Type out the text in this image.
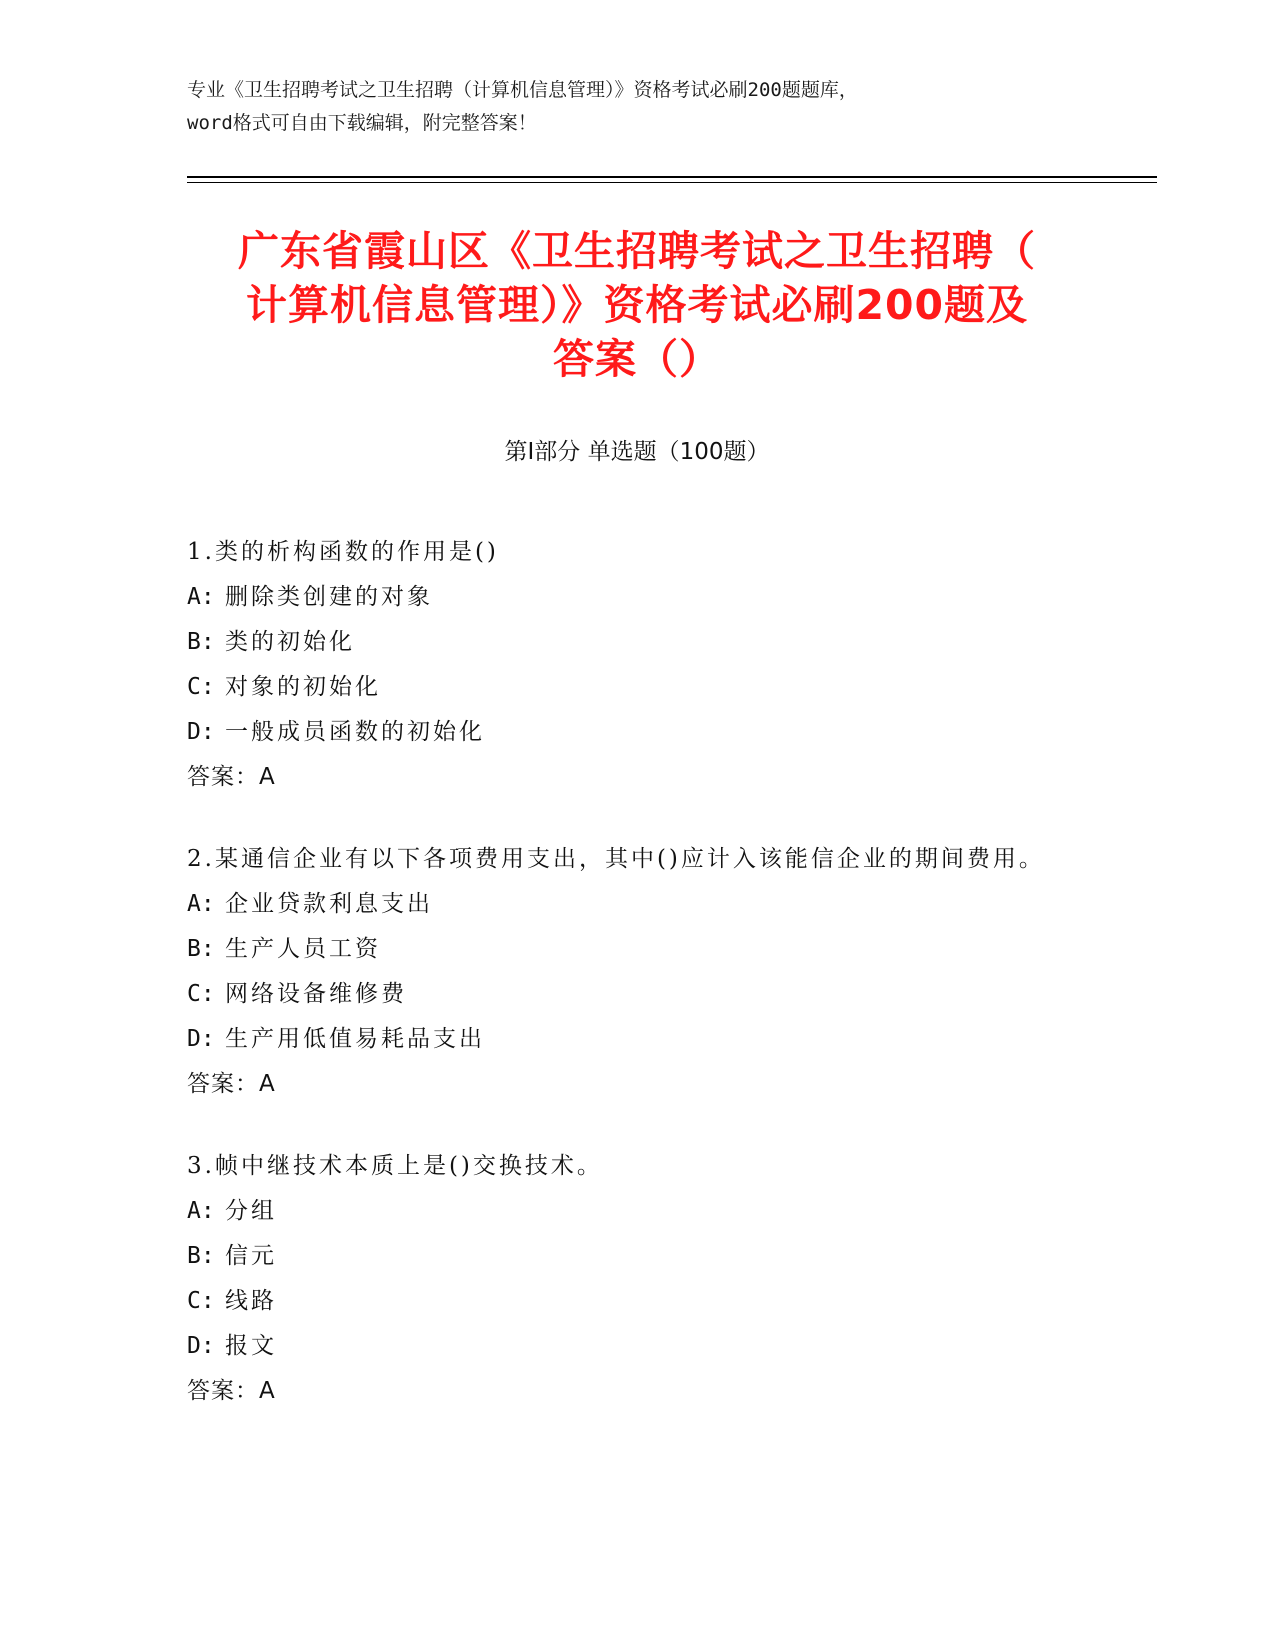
专业《卫生招聘考试之卫生招聘（计算机信息管理）》资格考试必刷200题题库，
word格式可自由下载编辑，附完整答案！
广东省霞山区《卫生招聘考试之卫生招聘（
计算机信息管理）》资格考试必刷200题及
答案（）
第Ⅰ部分 单选题（100题）
1.类的析构函数的作用是()
A: 删除类创建的对象
B: 类的初始化
C: 对象的初始化
D: 一般成员函数的初始化
答案：A
2.某通信企业有以下各项费用支出，其中()应计入该能信企业的期间费用。
A: 企业贷款利息支出
B: 生产人员工资
C: 网络设备维修费
D: 生产用低值易耗品支出
答案：A
3.帧中继技术本质上是()交换技术。
A: 分组
B: 信元
C: 线路
D: 报文
答案：A
